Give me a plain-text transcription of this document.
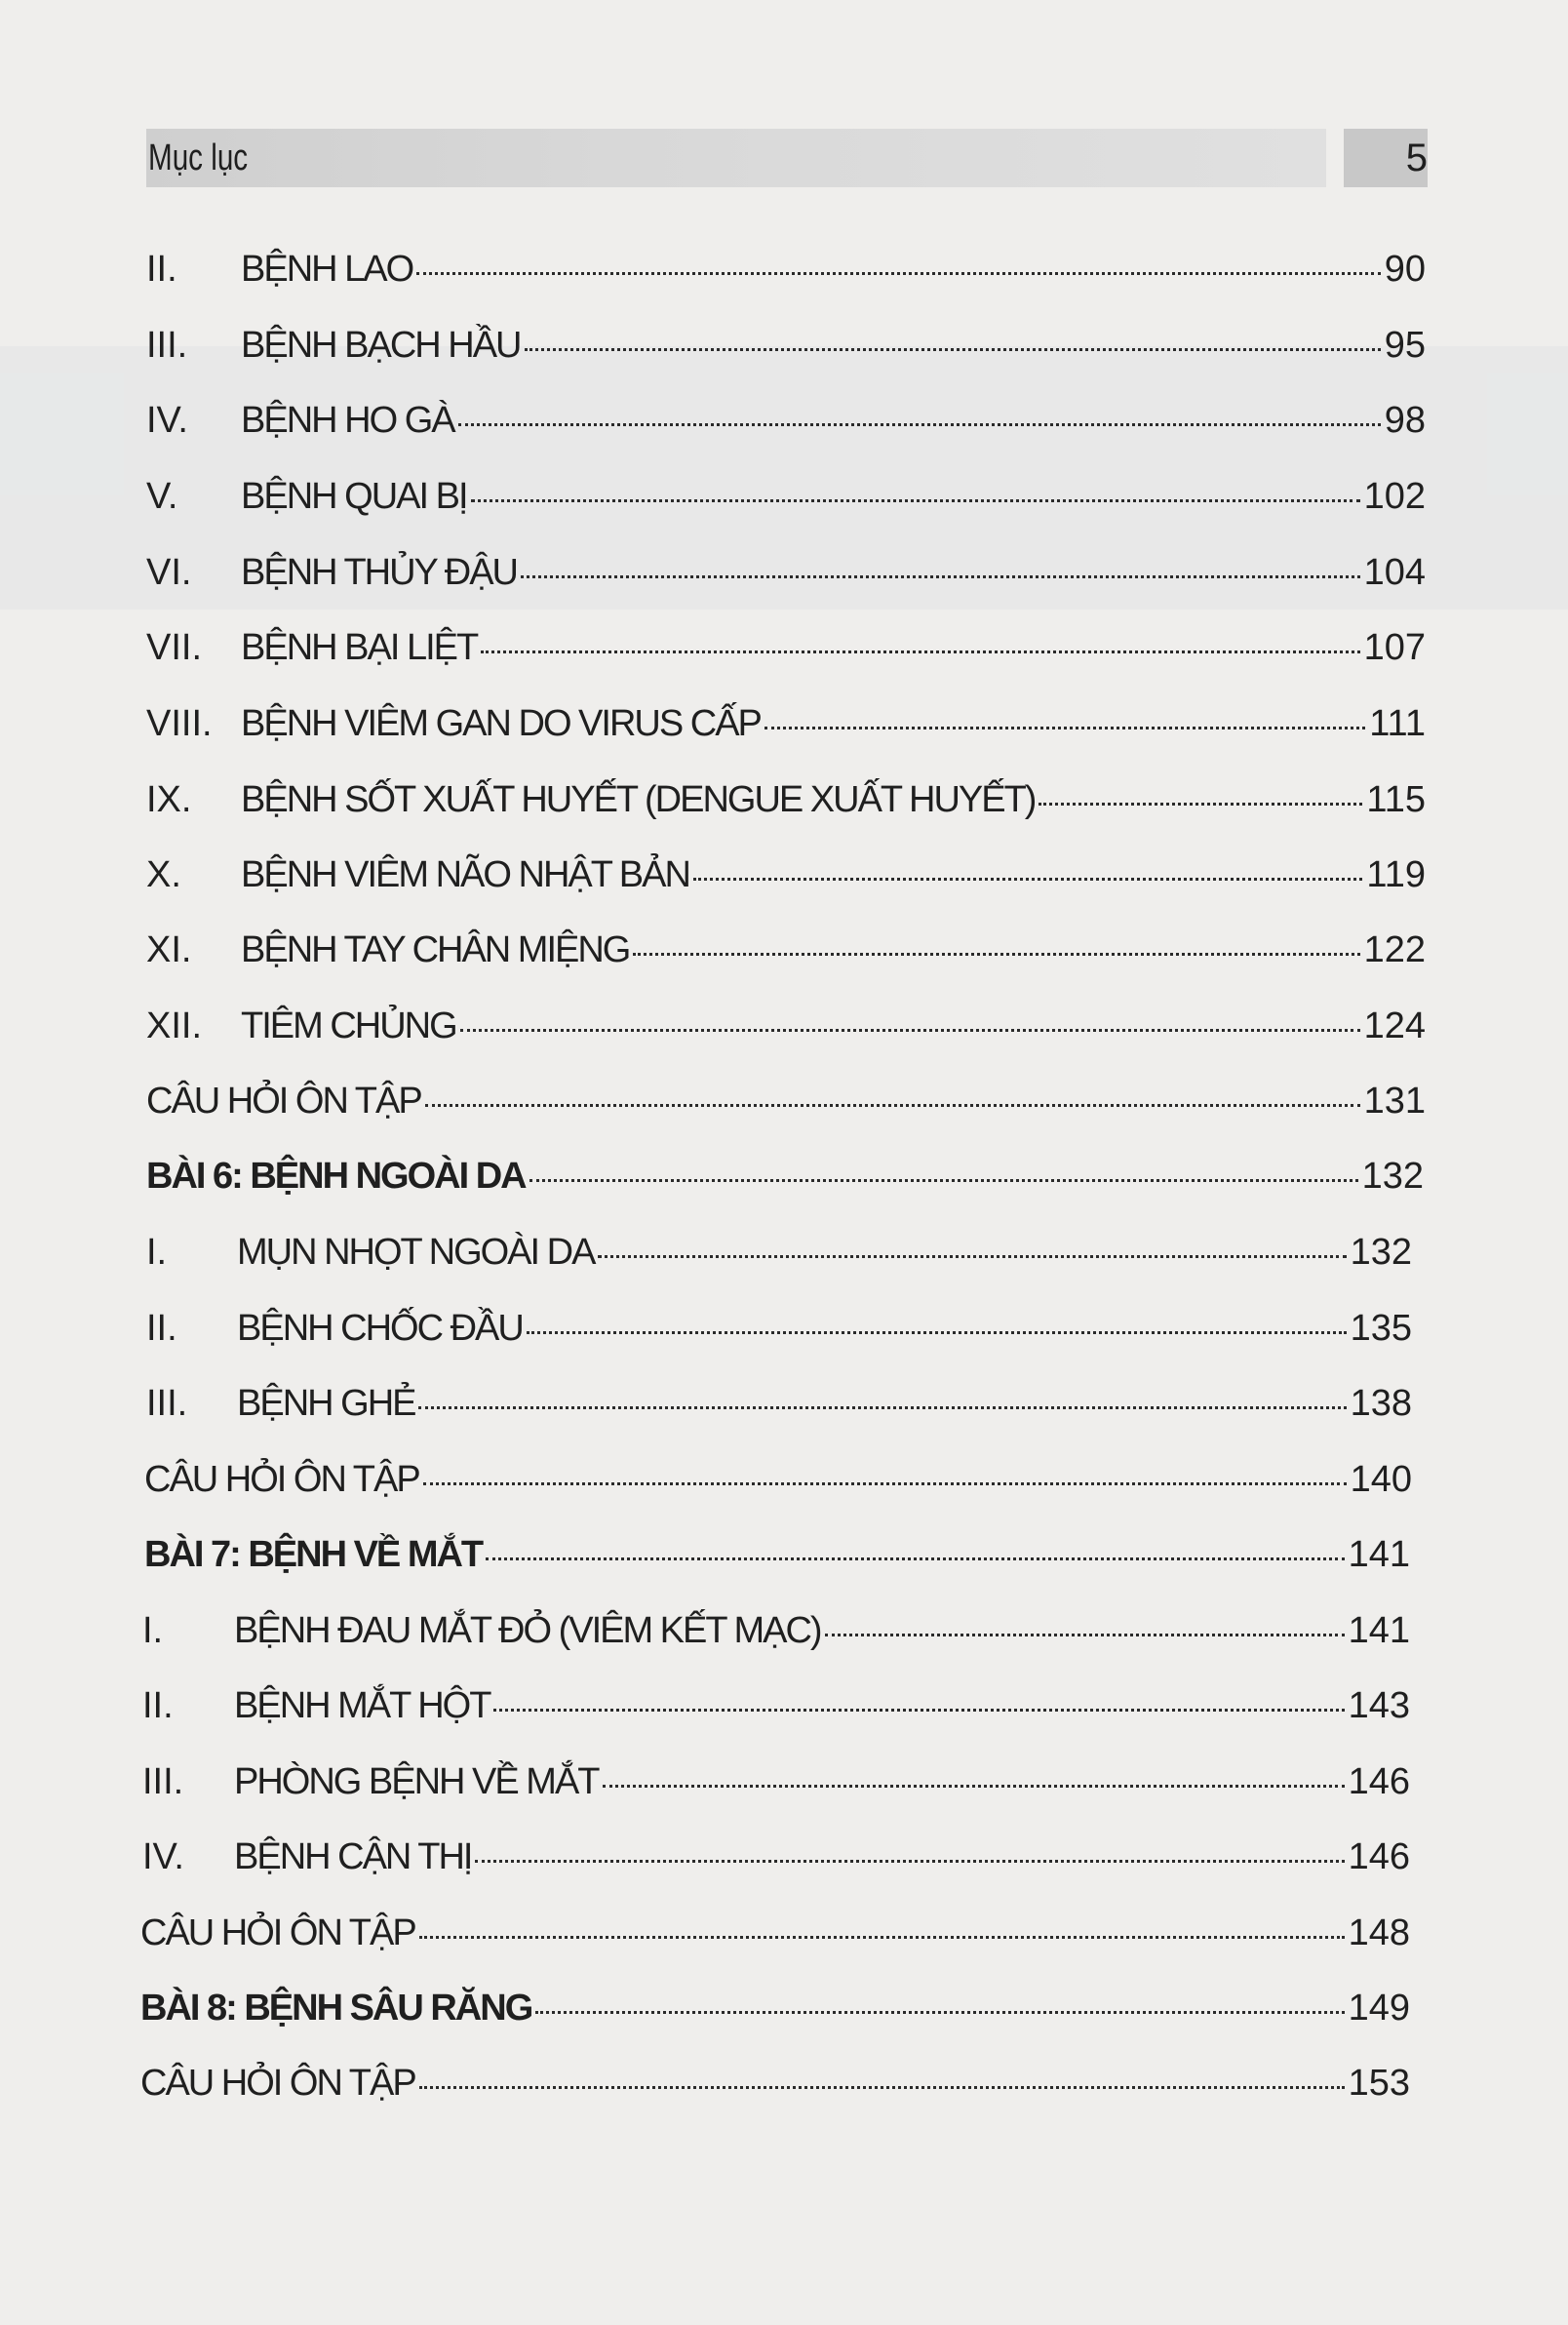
Mục lục	5
II.	BỆNH LAO	90
III.	BỆNH BẠCH HẦU	95
IV.	BỆNH HO GÀ	98
V.	BỆNH QUAI BỊ	102
VI.	BỆNH THỦY ĐẬU	104
VII.	BỆNH BẠI LIỆT	107
VIII. BỆNH VIÊM GAN DO VIRUS CẤP	111
IX.	BỆNH SỐT XUẤT HUYẾT (DENGUE XUẤT HUYẾT)	115
X.	BỆNH VIÊM NÃO NHẬT BẢN	119
XI.	BỆNH TAY CHÂN MIỆNG	122
XII.	TIÊM CHỦNG	124
CÂU HỎI ÔN TẬP	131
BÀI 6: BỆNH NGOÀI DA	132
I.	MỤN NHỌT NGOÀI DA	132
II.	BỆNH CHỐC ĐẦU	135
III.	BỆNH GHẺ	138
CÂU HỎI ÔN TẬP	140
BÀI 7: BỆNH VỀ MẮT	141
I.	BỆNH ĐAU MẮT ĐỎ (VIÊM KẾT MẠC)	141
II.	BỆNH MẮT HỘT	143
III.	PHÒNG BỆNH VỀ MẮT	146
IV.	BỆNH CẬN THỊ	146
CÂU HỎI ÔN TẬP	148
BÀI 8: BỆNH SÂU RĂNG	149
CÂU HỎI ÔN TẬP	153
